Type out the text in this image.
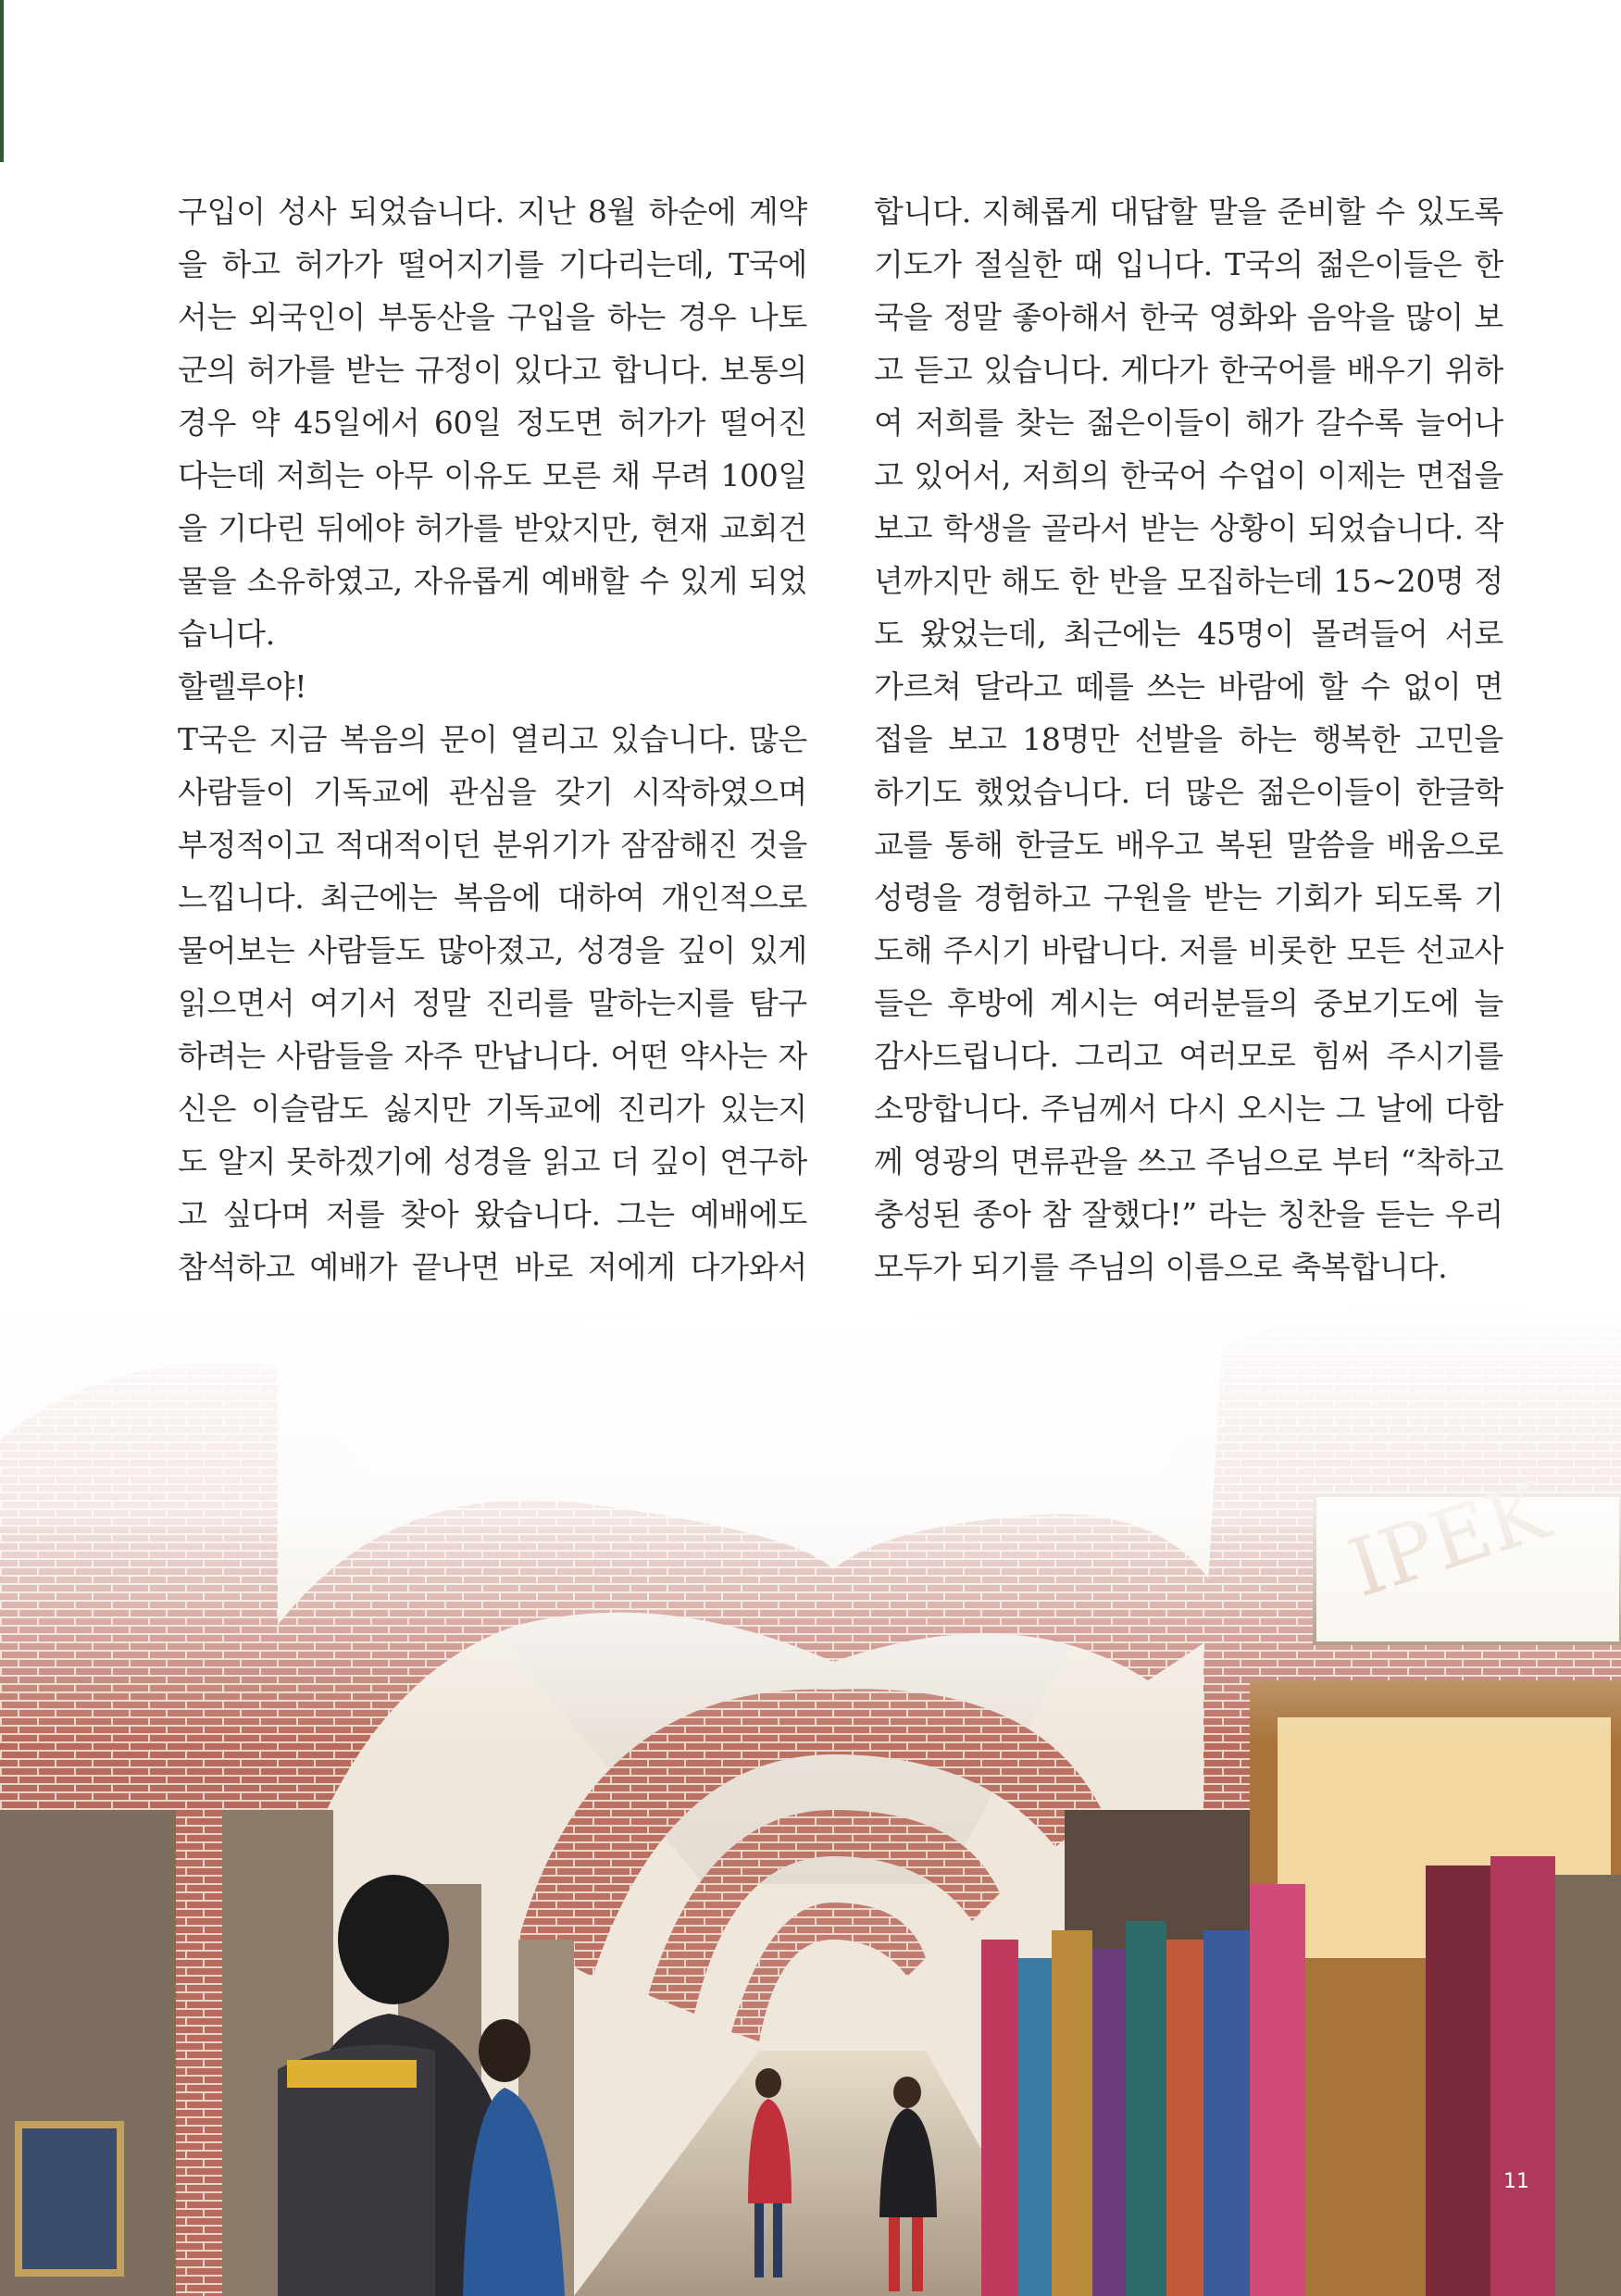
구입이 성사 되었습니다. 지난 8월 하순에 계약을 하고 허가가 떨어지기를 기다리는데, T국에서는 외국인이 부동산을 구입을 하는 경우 나토군의 허가를 받는 규정이 있다고 합니다. 보통의 경우 약 45일에서 60일 정도면 허가가 떨어진다는데 저희는 아무 이유도 모른 채 무려 100일을 기다린 뒤에야 허가를 받았지만, 현재 교회건물을 소유하였고, 자유롭게 예배할 수 있게 되었습니다.

할렐루야!

T국은 지금 복음의 문이 열리고 있습니다. 많은 사람들이 기독교에 관심을 갖기 시작하였으며 부정적이고 적대적이던 분위기가 잠잠해진 것을 느낍니다. 최근에는 복음에 대하여 개인적으로 물어보는 사람들도 많아졌고, 성경을 깊이 있게 읽으면서 여기서 정말 진리를 말하는지를 탐구하려는 사람들을 자주 만납니다. 어떤 약사는 자신은 이슬람도 싫지만 기독교에 진리가 있는지도 알지 못하겠기에 성경을 읽고 더 깊이 연구하고 싶다며 저를 찾아 왔습니다. 그는 예배에도 참석하고 예배가 끝나면 바로 저에게 다가와서

합니다. 지혜롭게 대답할 말을 준비할 수 있도록 기도가 절실한 때 입니다. T국의 젊은이들은 한국을 정말 좋아해서 한국 영화와 음악을 많이 보고 듣고 있습니다. 게다가 한국어를 배우기 위하여 저희를 찾는 젊은이들이 해가 갈수록 늘어나고 있어서, 저희의 한국어 수업이 이제는 면접을 보고 학생을 골라서 받는 상황이 되었습니다. 작년까지만 해도 한 반을 모집하는데 15~20명 정도 왔었는데, 최근에는 45명이 몰려들어 서로 가르쳐 달라고 떼를 쓰는 바람에 할 수 없이 면접을 보고 18명만 선발을 하는 행복한 고민을 하기도 했었습니다. 더 많은 젊은이들이 한글학교를 통해 한글도 배우고 복된 말씀을 배움으로 성령을 경험하고 구원을 받는 기회가 되도록 기도해 주시기 바랍니다. 저를 비롯한 모든 선교사들은 후방에 계시는 여러분들의 중보기도에 늘 감사드립니다. 그리고 여러모로 힘써 주시기를 소망합니다. 주님께서 다시 오시는 그 날에 다함께 영광의 면류관을 쓰고 주님으로 부터 “착하고 충성된 종아 참 잘했다!” 라는 칭찬을 듣는 우리 모두가 되기를 주님의 이름으로 축복합니다.

11
